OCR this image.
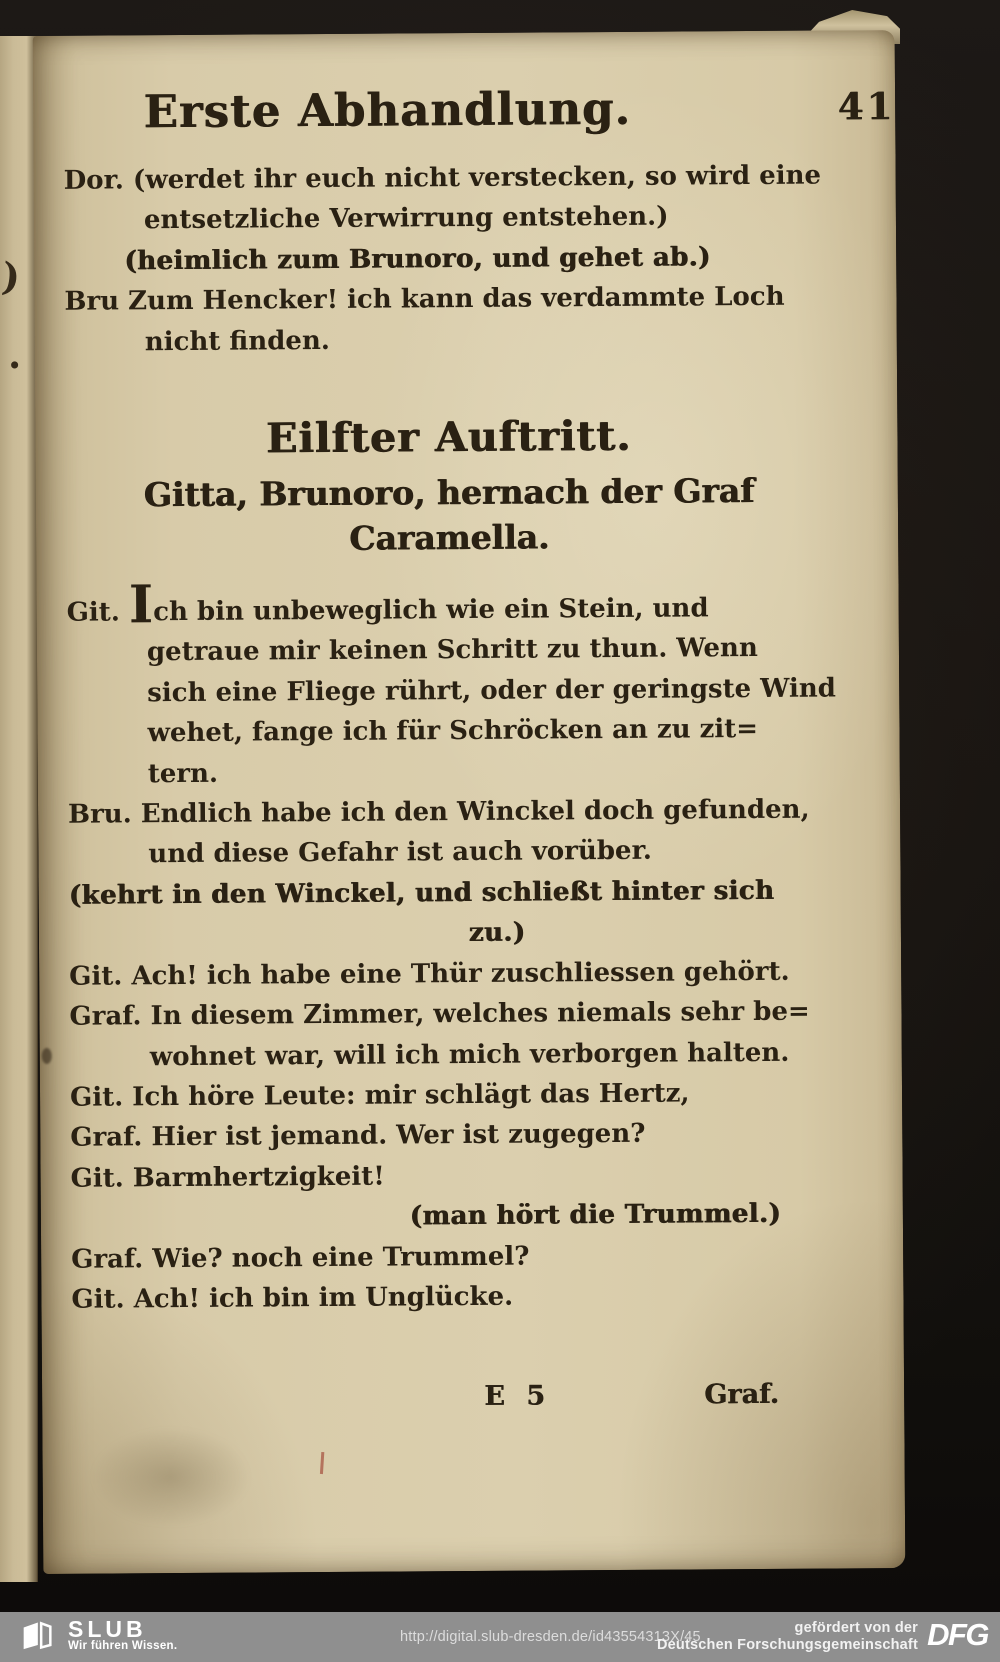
)
.
Erste Abhandlung.	41
Dor. (werdet ihr euch nicht verstecken, so wird eine
entsetzliche Verwirrung entstehen.)
(heimlich zum Brunoro, und gehet ab.)
Bru Zum Hencker! ich kann das verdammte Loch
nicht finden.
Eilfter Auftritt.
Gitta, Brunoro, hernach der Graf
Caramella.
Git. Ich bin unbeweglich wie ein Stein, und
getraue mir keinen Schritt zu thun. Wenn
sich eine Fliege rührt, oder der geringste Wind
wehet, fange ich für Schröcken an zu zit=
tern.
Bru. Endlich habe ich den Winckel doch gefunden,
und diese Gefahr ist auch vorüber.
(kehrt in den Winckel, und schließt hinter sich
zu.)
Git. Ach! ich habe eine Thür zuschliessen gehört.
Graf. In diesem Zimmer, welches niemals sehr be=
wohnet war, will ich mich verborgen halten.
Git. Ich höre Leute: mir schlägt das Hertz,
Graf. Hier ist jemand. Wer ist zugegen?
Git. Barmhertzigkeit!
(man hört die Trummel.)
Graf. Wie? noch eine Trummel?
Git. Ach! ich bin im Unglücke.
E 5	Graf.
SLUB
Wir führen Wissen.
http://digital.slub-dresden.de/id43554313X/45
gefördert von der
Deutschen Forschungsgemeinschaft DFG
